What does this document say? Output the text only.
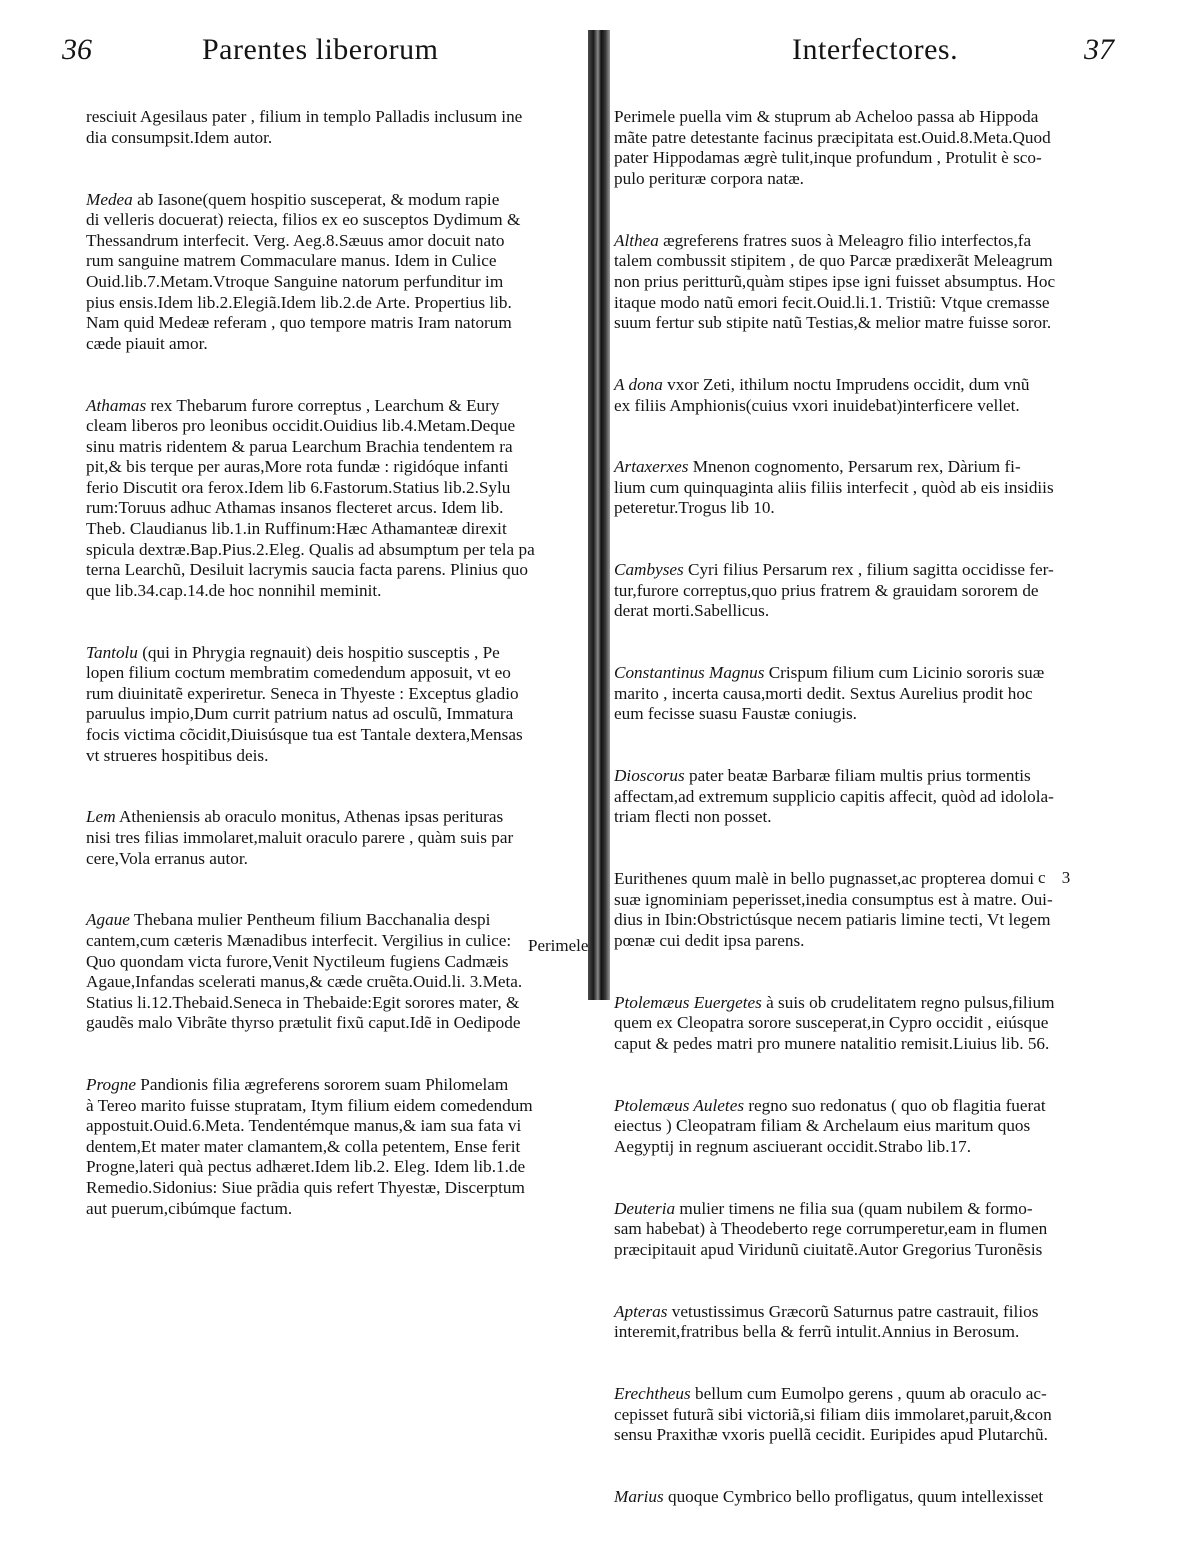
36	Parentes liberorum

resciuit Agesilaus pater , filium in templo Palladis inclusum ine
dia consumpsit.Idem autor.

Medea ab Iasone(quem hospitio susceperat, & modum rapie
di velleris docuerat) reiecta, filios ex eo susceptos Dydimum &
Thessandrum interfecit. Verg. Aeg.8.Sæuus amor docuit nato
rum sanguine matrem Commaculare manus. Idem in Culice
Ouid.lib.7.Metam.Vtroque Sanguine natorum perfunditur im
pius ensis.Idem lib.2.Elegiã.Idem lib.2.de Arte. Propertius lib.
Nam quid Medeæ referam , quo tempore matris Iram natorum
cæde piauit amor.

Athamas rex Thebarum furore correptus , Learchum & Eury
cleam liberos pro leonibus occidit.Ouidius lib.4.Metam.Deque
sinu matris ridentem & parua Learchum Brachia tendentem ra
pit,& bis terque per auras,More rota fundæ : rigidóque infanti
ferio Discutit ora ferox.Idem lib 6.Fastorum.Statius lib.2.Sylu
rum:Toruus adhuc Athamas insanos flecteret arcus. Idem lib.
Theb. Claudianus lib.1.in Ruffinum:Hæc Athamanteæ direxit
spicula dextræ.Bap.Pius.2.Eleg. Qualis ad absumptum per tela pa
terna Learchũ, Desiluit lacrymis saucia facta parens. Plinius quo
que lib.34.cap.14.de hoc nonnihil meminit.

Tantolu (qui in Phrygia regnauit) deis hospitio susceptis , Pe
lopen filium coctum membratim comedendum apposuit, vt eo
rum diuinitatẽ experiretur. Seneca in Thyeste : Exceptus gladio
paruulus impio,Dum currit patrium natus ad osculũ, Immatura
focis victima cõcidit,Diuisúsque tua est Tantale dextera,Mensas
vt strueres hospitibus deis.

Lem Atheniensis ab oraculo monitus, Athenas ipsas perituras
nisi tres filias immolaret,maluit oraculo parere , quàm suis par
cere,Vola erranus autor.

Agaue Thebana mulier Pentheum filium Bacchanalia despi
cantem,cum cæteris Mænadibus interfecit. Vergilius in culice:
Quo quondam victa furore,Venit Nyctileum fugiens Cadmæis
Agaue,Infandas scelerati manus,& cæde cruẽta.Ouid.li. 3.Meta.
Statius li.12.Thebaid.Seneca in Thebaide:Egit sorores mater, &
gaudẽs malo Vibrãte thyrso prætulit fixũ caput.Idẽ in Oedipode

Progne Pandionis filia ægreferens sororem suam Philomelam
à Tereo marito fuisse stupratam, Itym filium eidem comedendum
appostuit.Ouid.6.Meta. Tendentémque manus,& iam sua fata vi
dentem,Et mater mater clamantem,& colla petentem, Ense ferit
Progne,lateri quà pectus adhæret.Idem lib.2. Eleg. Idem lib.1.de
Remedio.Sidonius: Siue prãdia quis refert Thyestæ, Discerptum
aut puerum,cibúmque factum.

Perimele
Interfectores.	37

Perimele puella vim & stuprum ab Acheloo passa ab Hippoda
mãte patre detestante facinus præcipitata est.Ouid.8.Meta.Quod
pater Hippodamas ægrè tulit,inque profundum , Protulit è sco-
pulo perituræ corpora natæ.

Althea ægreferens fratres suos à Meleagro filio interfectos,fa
talem combussit stipitem , de quo Parcæ prædixerãt Meleagrum
non prius peritturũ,quàm stipes ipse igni fuisset absumptus. Hoc
itaque modo natũ emori fecit.Ouid.li.1. Tristiũ: Vtque cremasse
suum fertur sub stipite natũ Testias,& melior matre fuisse soror.

A dona vxor Zeti, ithilum noctu Imprudens occidit, dum vnũ
ex filiis Amphionis(cuius vxori inuidebat)interficere vellet.

Artaxerxes Mnenon cognomento, Persarum rex, Dàrium fi-
lium cum quinquaginta aliis filiis interfecit , quòd ab eis insidiis
peteretur.Trogus lib 10.

Cambyses Cyri filius Persarum rex , filium sagitta occidisse fer-
tur,furore correptus,quo prius fratrem & grauidam sororem de
derat morti.Sabellicus.

Constantinus Magnus Crispum filium cum Licinio sororis suæ
marito , incerta causa,morti dedit. Sextus Aurelius prodit hoc
eum fecisse suasu Faustæ coniugis.

Dioscorus pater beatæ Barbaræ filiam multis prius tormentis
affectam,ad extremum supplicio capitis affecit, quòd ad idolola-
triam flecti non posset.

Eurithenes quum malè in bello pugnasset,ac propterea domui
suæ ignominiam peperisset,inedia consumptus est à matre. Oui-
dius in Ibin:Obstrictúsque necem patiaris limine tecti, Vt legem
pœnæ cui dedit ipsa parens.

Ptolemæus Euergetes à suis ob crudelitatem regno pulsus,filium
quem ex Cleopatra sorore susceperat,in Cypro occidit , eiúsque
caput & pedes matri pro munere natalitio remisit.Liuius lib. 56.

Ptolemæus Auletes regno suo redonatus ( quo ob flagitia fuerat
eiectus ) Cleopatram filiam & Archelaum eius maritum quos
Aegyptij in regnum asciuerant occidit.Strabo lib.17.

Deuteria mulier timens ne filia sua (quam nubilem & formo-
sam habebat) à Theodeberto rege corrumperetur,eam in flumen
præcipitauit apud Viridunũ ciuitatẽ.Autor Gregorius Turonẽsis

Apteras vetustissimus Græcorũ Saturnus patre castrauit, filios
interemit,fratribus bella & ferrũ intulit.Annius in Berosum.

Erechtheus bellum cum Eumolpo gerens , quum ab oraculo ac-
cepisset futurã sibi victoriã,si filiam diis immolaret,paruit,&con
sensu Praxithæ vxoris puellã cecidit. Euripides apud Plutarchũ.

Marius quoque Cymbrico bello profligatus, quum intellexisset

c 3
